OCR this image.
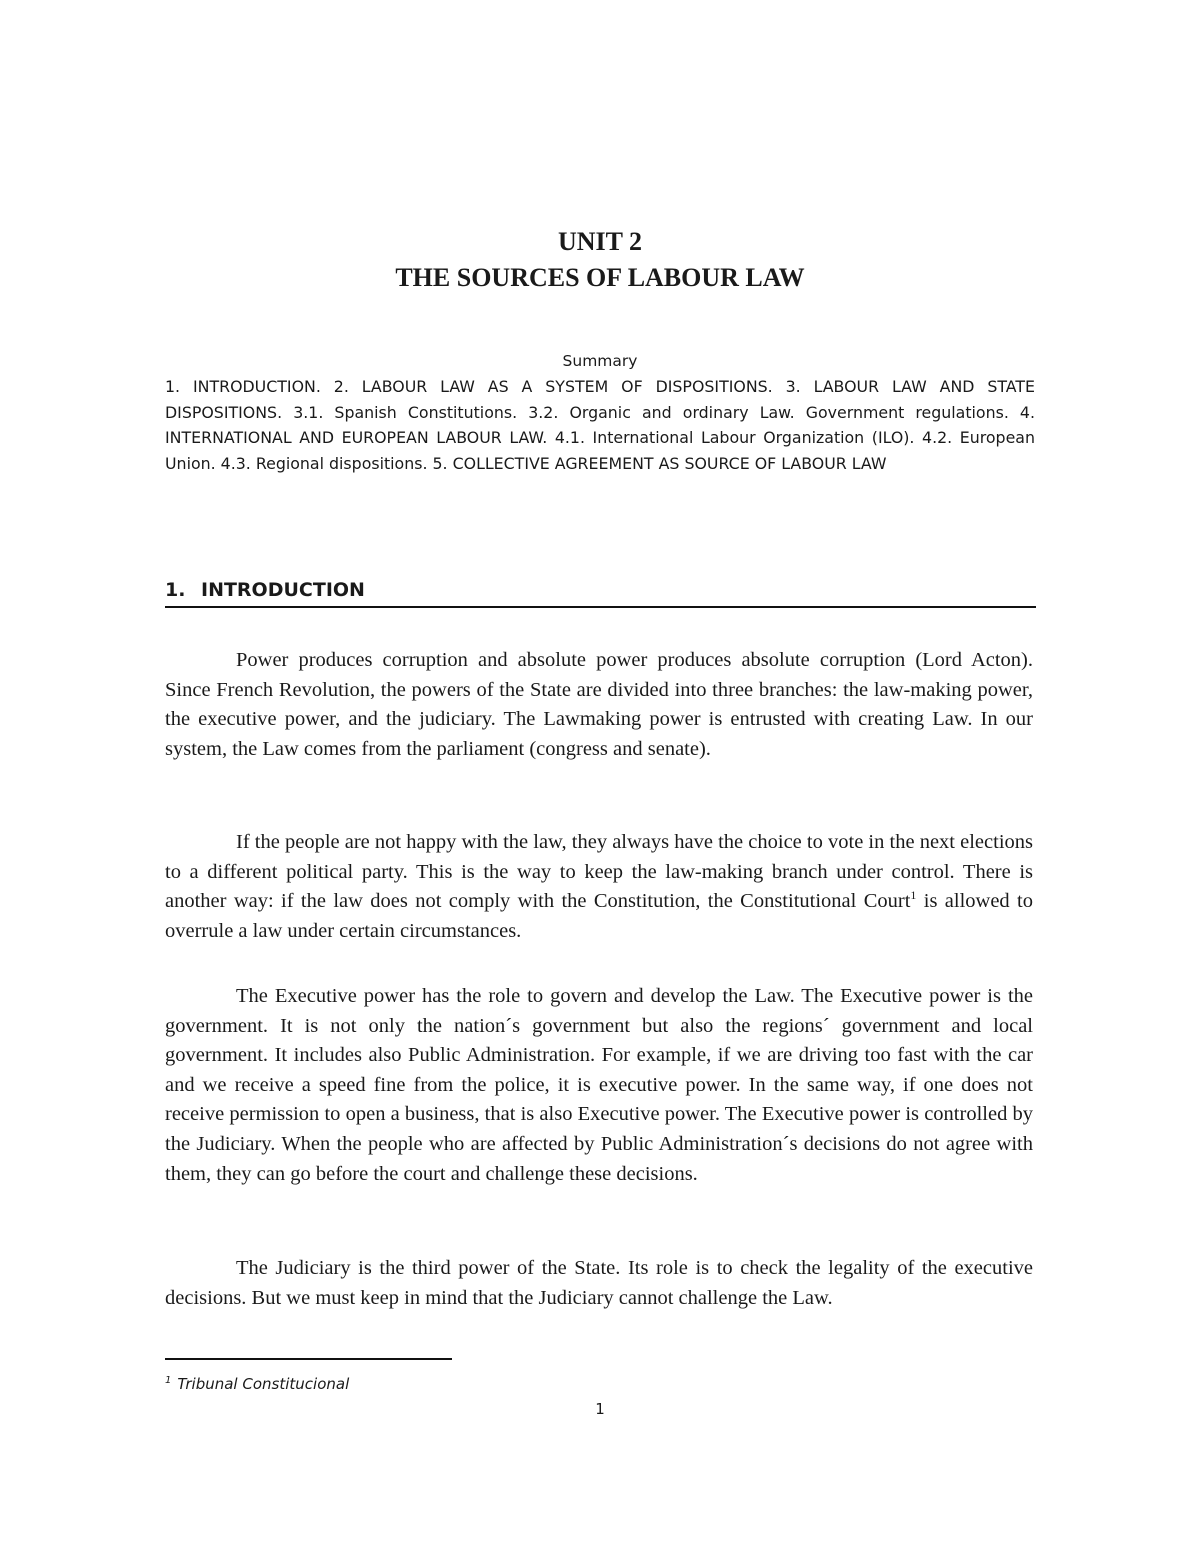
UNIT 2
THE SOURCES OF LABOUR LAW
Summary
1. INTRODUCTION. 2. LABOUR LAW AS A SYSTEM OF DISPOSITIONS. 3. LABOUR LAW AND STATE DISPOSITIONS. 3.1. Spanish Constitutions. 3.2. Organic and ordinary Law. Government regulations. 4. INTERNATIONAL AND EUROPEAN LABOUR LAW. 4.1. International Labour Organization (ILO). 4.2. European Union. 4.3. Regional dispositions. 5. COLLECTIVE AGREEMENT AS SOURCE OF LABOUR LAW
1. INTRODUCTION

Power produces corruption and absolute power produces absolute corruption (Lord Acton). Since French Revolution, the powers of the State are divided into three branches: the law-making power, the executive power, and the judiciary. The Lawmaking power is entrusted with creating Law. In our system, the Law comes from the parliament (congress and senate).

If the people are not happy with the law, they always have the choice to vote in the next elections to a different political party. This is the way to keep the law-making branch under control. There is another way: if the law does not comply with the Constitution, the Constitutional Court$^1$ is allowed to overrule a law under certain circumstances.

The Executive power has the role to govern and develop the Law. The Executive power is the government. It is not only the nation´s government but also the regions´ government and local government. It includes also Public Administration. For example, if we are driving too fast with the car and we receive a speed fine from the police, it is executive power. In the same way, if one does not receive permission to open a business, that is also Executive power. The Executive power is controlled by the Judiciary. When the people who are affected by Public Administration´s decisions do not agree with them, they can go before the court and challenge these decisions.

The Judiciary is the third power of the State. Its role is to check the legality of the executive decisions. But we must keep in mind that the Judiciary cannot challenge the Law.

$^1$ Tribunal Constitucional
1
